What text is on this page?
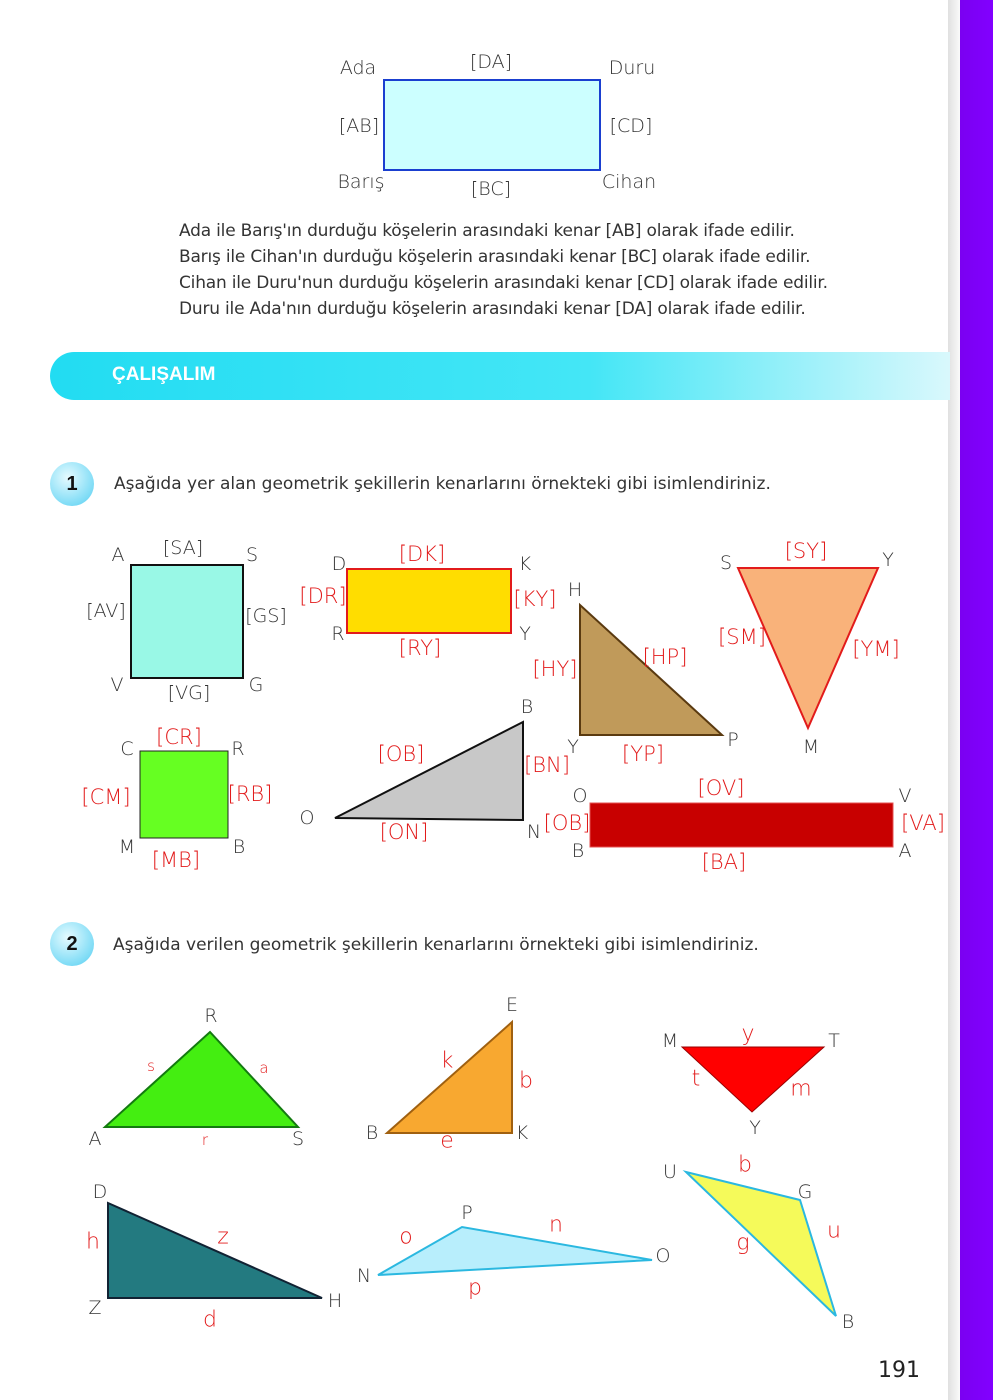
Ada	[DA]	Duru
[AB]	[CD]
Barış	[BC]	Cihan
Ada ile Barış'ın durduğu köşelerin arasındaki kenar [AB] olarak ifade edilir.
Barış ile Cihan'ın durduğu köşelerin arasındaki kenar [BC] olarak ifade edilir.
Cihan ile Duru'nun durduğu köşelerin arasındaki kenar [CD] olarak ifade edilir.
Duru ile Ada'nın durduğu köşelerin arasındaki kenar [DA] olarak ifade edilir.
ÇALIŞALIM
1	Aşağıda yer alan geometrik şekillerin kenarlarını örnekteki gibi isimlendiriniz.
2	Aşağıda verilen geometrik şekillerin kenarlarını örnekteki gibi isimlendiriniz.
A [SA] S
[AV]	[GS]
V [VG] G
D	[DK]	K
[DR]	[KY]
R
[RY]
Y
H
[HP]
[HY]
Y [YP]
P
S	[SY]	Y
[SM]	[YM]
M
C [CR] R
[CM]	[RB]
M
[MB]
B
B
[OB]	[BN]
O
[ON]	N
O	[OV]	V
[OB]	[VA]
B	[BA]	A
R
s	a
A	r	S
E
k
b
B	e	K
M	y	T
t	m
Y
D
h	z
Z	d
H
P
o	n
N	p
O
U	b
G
g	u
B
191
